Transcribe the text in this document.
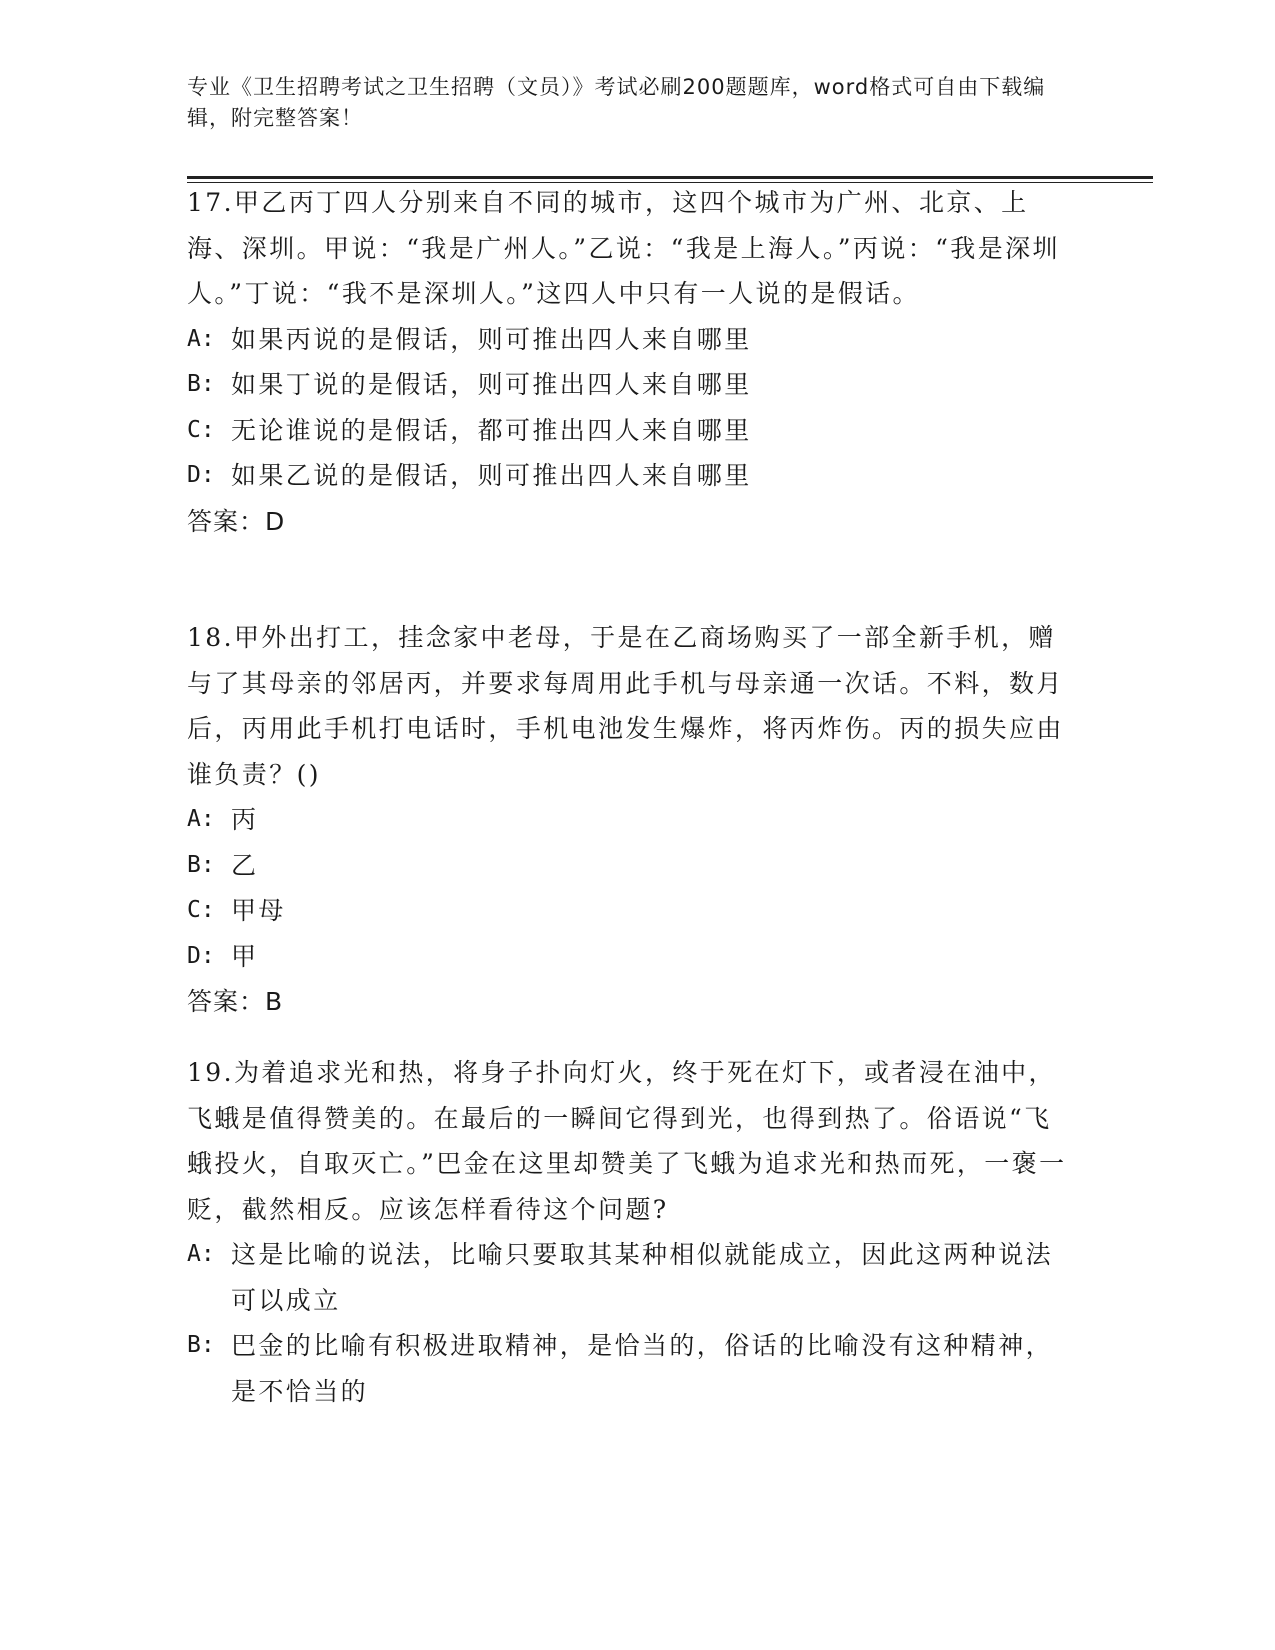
专业《卫生招聘考试之卫生招聘（文员）》考试必刷200题题库，word格式可自由下载编辑，附完整答案！

17.甲乙丙丁四人分别来自不同的城市，这四个城市为广州、北京、上海、深圳。甲说：“我是广州人。”乙说：“我是上海人。”丙说：“我是深圳人。”丁说：“我不是深圳人。”这四人中只有一人说的是假话。

A: 如果丙说的是假话，则可推出四人来自哪里
B: 如果丁说的是假话，则可推出四人来自哪里
C: 无论谁说的是假话，都可推出四人来自哪里
D: 如果乙说的是假话，则可推出四人来自哪里

答案：D

18.甲外出打工，挂念家中老母，于是在乙商场购买了一部全新手机，赠与了其母亲的邻居丙，并要求每周用此手机与母亲通一次话。不料，数月后，丙用此手机打电话时，手机电池发生爆炸，将丙炸伤。丙的损失应由谁负责？()

A: 丙
B: 乙
C: 甲母
D: 甲

答案：B

19.为着追求光和热，将身子扑向灯火，终于死在灯下，或者浸在油中，飞蛾是值得赞美的。在最后的一瞬间它得到光，也得到热了。俗语说“飞蛾投火，自取灭亡。”巴金在这里却赞美了飞蛾为追求光和热而死，一褒一贬，截然相反。应该怎样看待这个问题?

A: 这是比喻的说法，比喻只要取其某种相似就能成立，因此这两种说法可以成立
B: 巴金的比喻有积极进取精神，是恰当的，俗话的比喻没有这种精神，是不恰当的
